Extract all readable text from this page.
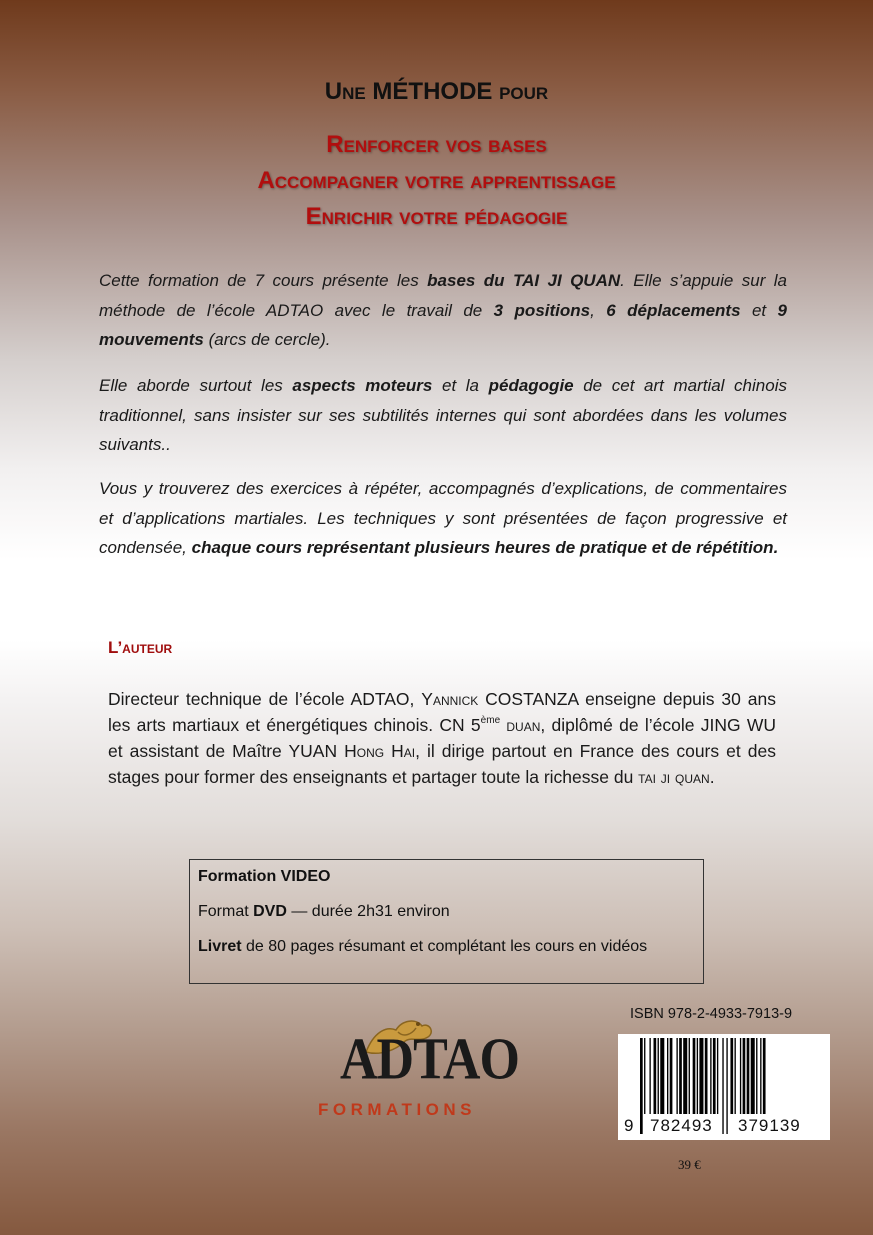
Une MÉTHODE pour
Renforcer vos bases
Accompagner votre apprentissage
Enrichir votre pédagogie

Cette formation de 7 cours présente les bases du TAI JI QUAN. Elle s’appuie sur la méthode de l’école ADTAO avec le travail de 3 positions, 6 déplacements et 9 mouvements (arcs de cercle).

Elle aborde surtout les aspects moteurs et la pédagogie de cet art martial chinois traditionnel, sans insister sur ses subtilités internes qui sont abordées dans les volumes suivants..

Vous y trouverez des exercices à répéter, accompagnés d’explications, de commentaires et d’applications martiales. Les techniques y sont présentées de façon progressive et condensée, chaque cours représentant plusieurs heures de pratique et de répétition.

L’auteur

Directeur technique de l’école ADTAO, Yannick COSTANZA enseigne depuis 30 ans les arts martiaux et énergétiques chinois. CN 5ème duan, diplômé de l’école JING WU et assistant de Maître YUAN Hong Hai, il dirige partout en France des cours et des stages pour former des enseignants et partager toute la richesse du tai ji quan.

Formation VIDEO
Format DVD — durée 2h31 environ
Livret de 80 pages résumant et complétant les cours en vidéos
ADTAO
FORMATIONS
ISBN 978-2-4933-7913-9
9 782493 379139
39 €
